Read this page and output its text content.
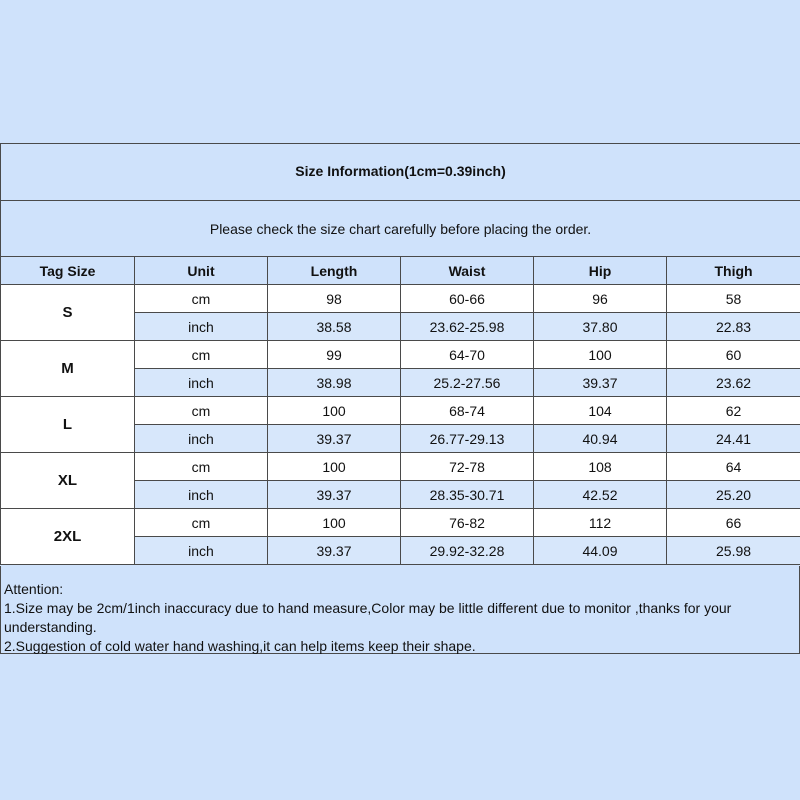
Size Information(1cm=0.39inch)					
Please check the size chart carefully before placing the order.					
Tag Size	Unit	Length	Waist	Hip	Thigh
S	cm	98	60-66	96	58
	inch	38.58	23.62-25.98	37.80	22.83
M	cm	99	64-70	100	60
	inch	38.98	25.2-27.56	39.37	23.62
L	cm	100	68-74	104	62
	inch	39.37	26.77-29.13	40.94	24.41
XL	cm	100	72-78	108	64
	inch	39.37	28.35-30.71	42.52	25.20
2XL	cm	100	76-82	112	66
	inch	39.37	29.92-32.28	44.09	25.98
Attention:
1.Size may be 2cm/1inch inaccuracy due to hand measure,Color may be little different due to monitor ,thanks for your understanding.
2.Suggestion of cold water hand washing,it can help items keep their shape.
